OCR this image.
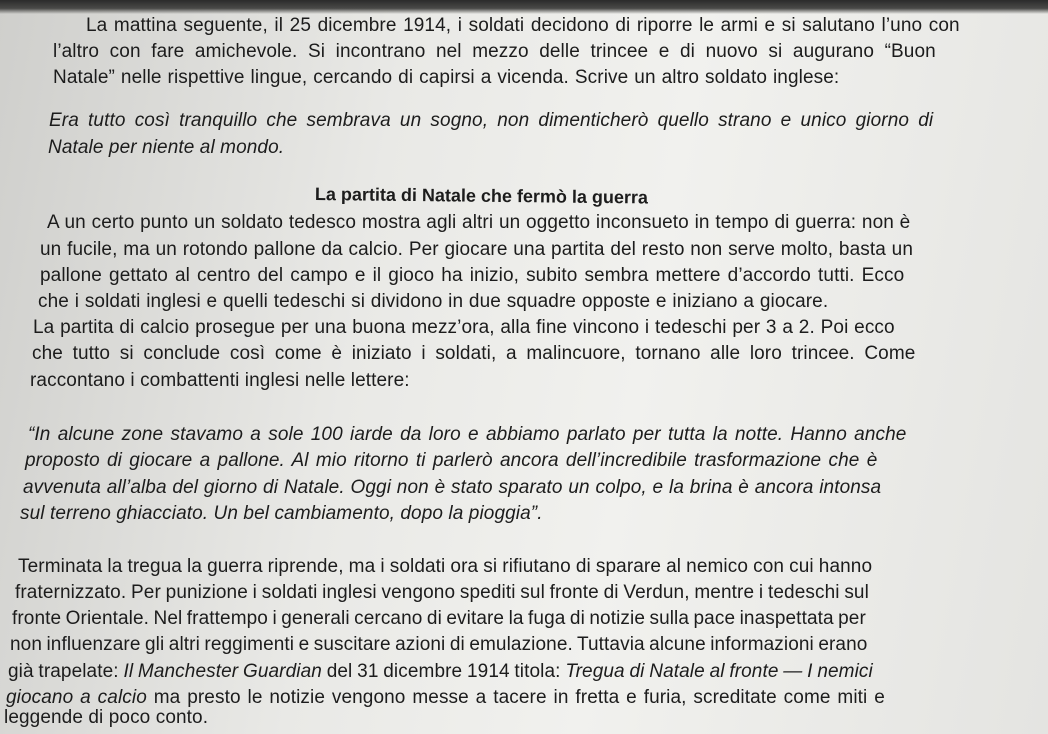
La mattina seguente, il 25 dicembre 1914, i soldati decidono di riporre le armi e si salutano l’uno con
l’altro con fare amichevole. Si incontrano nel mezzo delle trincee e di nuovo si augurano “Buon
Natale” nelle rispettive lingue, cercando di capirsi a vicenda. Scrive un altro soldato inglese:
Era tutto così tranquillo che sembrava un sogno, non dimenticherò quello strano e unico giorno di
Natale per niente al mondo.
La partita di Natale che fermò la guerra
A un certo punto un soldato tedesco mostra agli altri un oggetto inconsueto in tempo di guerra: non è
un fucile, ma un rotondo pallone da calcio. Per giocare una partita del resto non serve molto, basta un
pallone gettato al centro del campo e il gioco ha inizio, subito sembra mettere d’accordo tutti. Ecco
che i soldati inglesi e quelli tedeschi si dividono in due squadre opposte e iniziano a giocare.
La partita di calcio prosegue per una buona mezz’ora, alla fine vincono i tedeschi per 3 a 2. Poi ecco
che tutto si conclude così come è iniziato i soldati, a malincuore, tornano alle loro trincee. Come
raccontano i combattenti inglesi nelle lettere:
“In alcune zone stavamo a sole 100 iarde da loro e abbiamo parlato per tutta la notte. Hanno anche
proposto di giocare a pallone. Al mio ritorno ti parlerò ancora dell’incredibile trasformazione che è
avvenuta all’alba del giorno di Natale. Oggi non è stato sparato un colpo, e la brina è ancora intonsa
sul terreno ghiacciato. Un bel cambiamento, dopo la pioggia”.
Terminata la tregua la guerra riprende, ma i soldati ora si rifiutano di sparare al nemico con cui hanno
fraternizzato. Per punizione i soldati inglesi vengono spediti sul fronte di Verdun, mentre i tedeschi sul
fronte Orientale. Nel frattempo i generali cercano di evitare la fuga di notizie sulla pace inaspettata per
non influenzare gli altri reggimenti e suscitare azioni di emulazione. Tuttavia alcune informazioni erano
già trapelate: Il Manchester Guardian del 31 dicembre 1914 titola: Tregua di Natale al fronte — I nemici
giocano a calcio ma presto le notizie vengono messe a tacere in fretta e furia, screditate come miti e
leggende di poco conto.
